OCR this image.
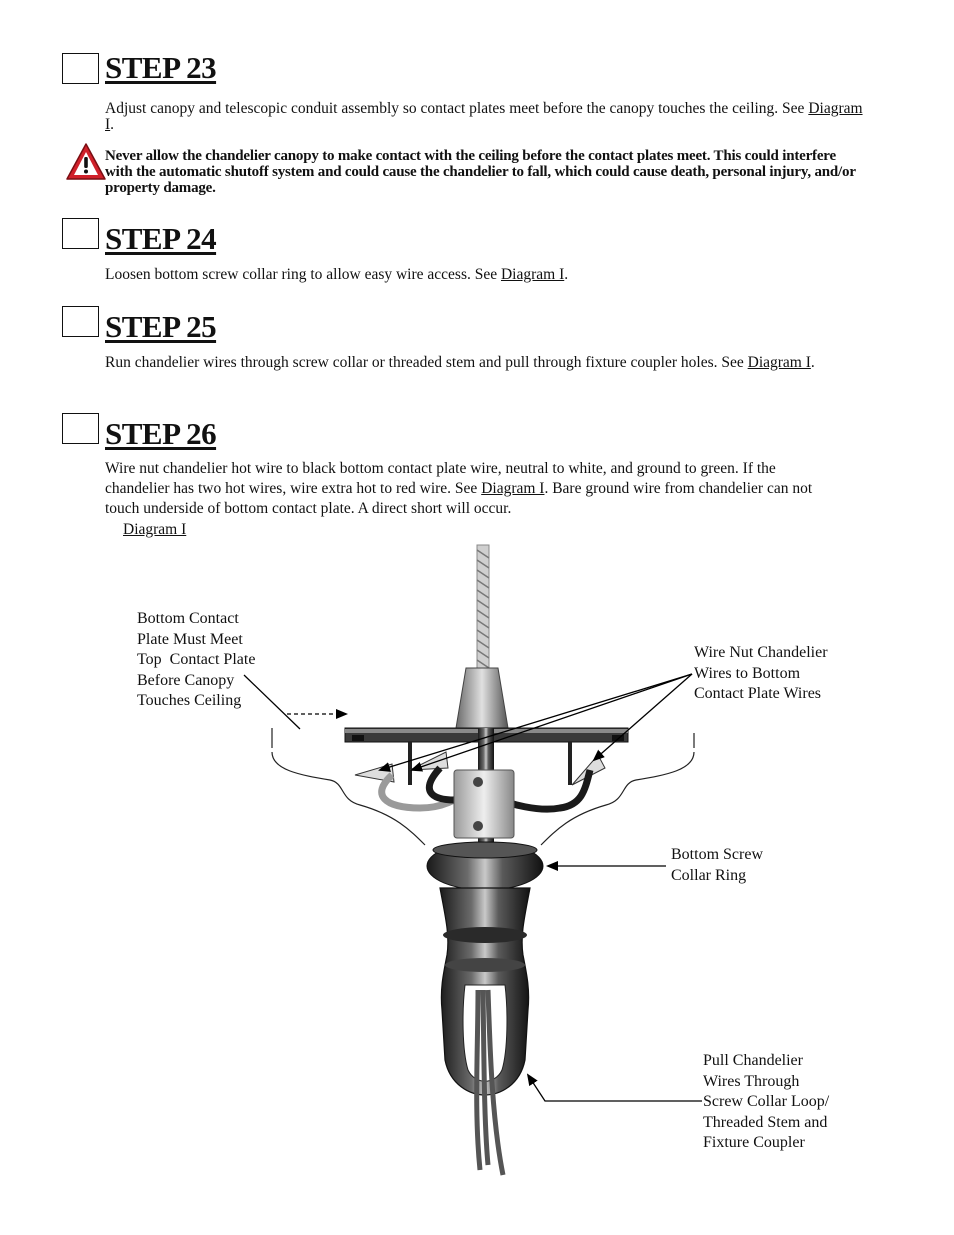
STEP 23
Adjust canopy and telescopic conduit assembly so contact plates meet before the canopy touches the ceiling. See Diagram I.
Never allow the chandelier canopy to make contact with the ceiling before the contact plates meet. This could interfere with the automatic shutoff system and could cause the chandelier to fall, which could cause death, personal injury, and/or property damage.
STEP 24
Loosen bottom screw collar ring to allow easy wire access. See Diagram I.
STEP 25
Run chandelier wires through screw collar or threaded stem and pull through fixture coupler holes. See Diagram I.
STEP 26
Wire nut chandelier hot wire to black bottom contact plate wire, neutral to white, and ground to green. If the chandelier has two hot wires, wire extra hot to red wire. See Diagram I. Bare ground wire from chandelier can not touch underside of bottom contact plate. A direct short will occur.
Diagram I
Bottom Contact
Plate Must Meet
Top  Contact Plate
Before Canopy
Touches Ceiling
Wire Nut Chandelier
Wires to Bottom
Contact Plate Wires
Bottom Screw
Collar Ring
Pull Chandelier
Wires Through
Screw Collar Loop/
Threaded Stem and
Fixture Coupler
